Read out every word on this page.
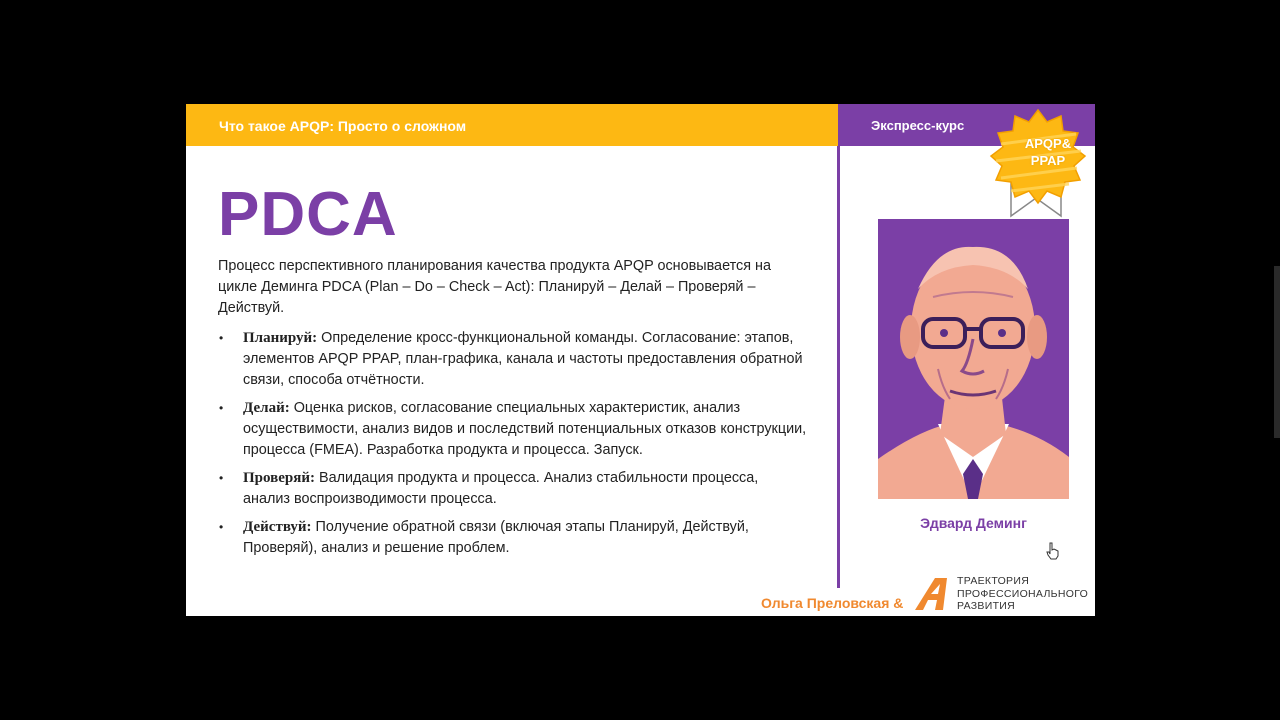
Что такое APQP: Просто о сложном	Экспресс-курс
APQP&
PPAP
PDCA
Процесс перспективного планирования качества продукта APQP основывается на цикле Деминга PDCA (Plan – Do – Check – Act): Планируй – Делай – Проверяй – Действуй.
• Планируй: Определение кросс-функциональной команды. Согласование: этапов, элементов APQP PPAP, план-графика, канала и частоты предоставления обратной связи, способа отчётности.
• Делай: Оценка рисков, согласование специальных характеристик, анализ осуществимости, анализ видов и последствий потенциальных отказов конструкции, процесса (FMEA). Разработка продукта и процесса. Запуск.
• Проверяй: Валидация продукта и процесса. Анализ стабильности процесса, анализ воспроизводимости процесса.
• Действуй: Получение обратной связи (включая этапы Планируй, Действуй, Проверяй), анализ и решение проблем.
Эдвард Деминг
Ольга Преловская &
ТРАЕКТОРИЯ
ПРОФЕССИОНАЛЬНОГО
РАЗВИТИЯ
